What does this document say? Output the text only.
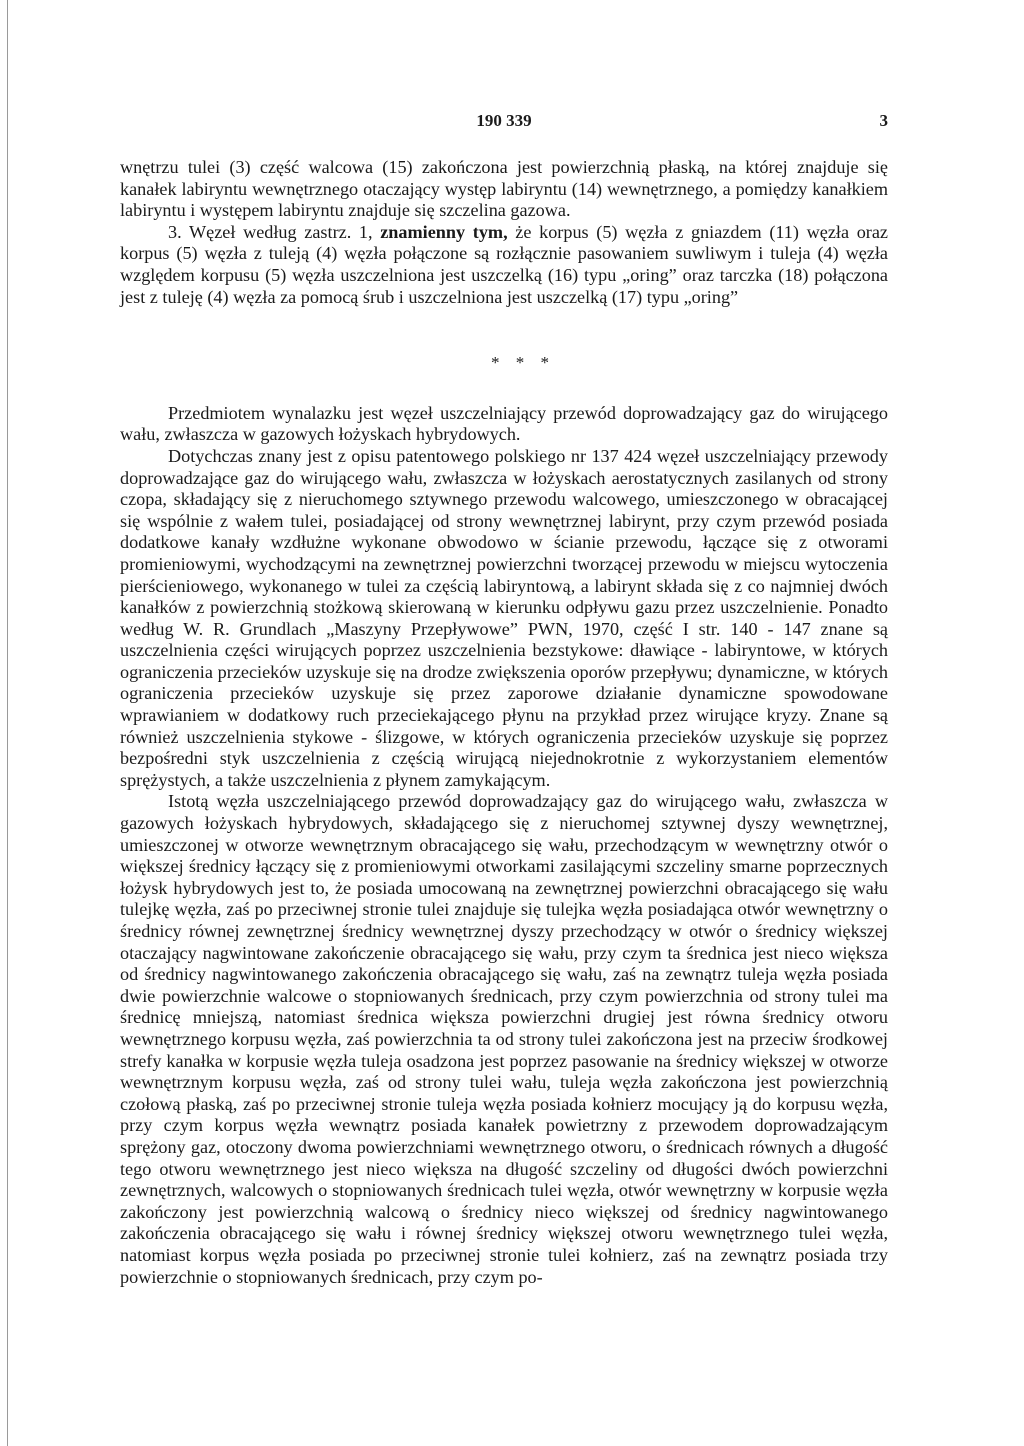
190 339	3

wnętrzu tulei (3) część walcowa (15) zakończona jest powierzchnią płaską, na której znajduje się kanałek labiryntu wewnętrznego otaczający występ labiryntu (14) wewnętrznego, a pomiędzy kanałkiem labiryntu i występem labiryntu znajduje się szczelina gazowa.

3. Węzeł według zastrz. 1, znamienny tym, że korpus (5) węzła z gniazdem (11) węzła oraz korpus (5) węzła z tuleją (4) węzła połączone są rozłącznie pasowaniem suwliwym i tuleja (4) węzła względem korpusu (5) węzła uszczelniona jest uszczelką (16) typu „oring” oraz tarczka (18) połączona jest z tuleję (4) węzła za pomocą śrub i uszczelniona jest uszczelką (17) typu „oring”

* * *

Przedmiotem wynalazku jest węzeł uszczelniający przewód doprowadzający gaz do wirującego wału, zwłaszcza w gazowych łożyskach hybrydowych.

Dotychczas znany jest z opisu patentowego polskiego nr 137 424 węzeł uszczelniający przewody doprowadzające gaz do wirującego wału, zwłaszcza w łożyskach aerostatycznych zasilanych od strony czopa, składający się z nieruchomego sztywnego przewodu walcowego, umieszczonego w obracającej się wspólnie z wałem tulei, posiadającej od strony wewnętrznej labirynt, przy czym przewód posiada dodatkowe kanały wzdłużne wykonane obwodowo w ścianie przewodu, łączące się z otworami promieniowymi, wychodzącymi na zewnętrznej powierzchni tworzącej przewodu w miejscu wytoczenia pierścieniowego, wykonanego w tulei za częścią labiryntową, a labirynt składa się z co najmniej dwóch kanałków z powierzchnią stożkową skierowaną w kierunku odpływu gazu przez uszczelnienie. Ponadto według W. R. Grundlach „Maszyny Przepływowe” PWN, 1970, część I str. 140 - 147 znane są uszczelnienia części wirujących poprzez uszczelnienia bezstykowe: dławiące - labiryntowe, w których ograniczenia przecieków uzyskuje się na drodze zwiększenia oporów przepływu; dynamiczne, w których ograniczenia przecieków uzyskuje się przez zaporowe działanie dynamiczne spowodowane wprawianiem w dodatkowy ruch przeciekającego płynu na przykład przez wirujące kryzy. Znane są również uszczelnienia stykowe - ślizgowe, w których ograniczenia przecieków uzyskuje się poprzez bezpośredni styk uszczelnienia z częścią wirującą niejednokrotnie z wykorzystaniem elementów sprężystych, a także uszczelnienia z płynem zamykającym.

Istotą węzła uszczelniającego przewód doprowadzający gaz do wirującego wału, zwłaszcza w gazowych łożyskach hybrydowych, składającego się z nieruchomej sztywnej dyszy wewnętrznej, umieszczonej w otworze wewnętrznym obracającego się wału, przechodzącym w wewnętrzny otwór o większej średnicy łączący się z promieniowymi otworkami zasilającymi szczeliny smarne poprzecznych łożysk hybrydowych jest to, że posiada umocowaną na zewnętrznej powierzchni obracającego się wału tulejkę węzła, zaś po przeciwnej stronie tulei znajduje się tulejka węzła posiadająca otwór wewnętrzny o średnicy równej zewnętrznej średnicy wewnętrznej dyszy przechodzący w otwór o średnicy większej otaczający nagwintowane zakończenie obracającego się wału, przy czym ta średnica jest nieco większa od średnicy nagwintowanego zakończenia obracającego się wału, zaś na zewnątrz tuleja węzła posiada dwie powierzchnie walcowe o stopniowanych średnicach, przy czym powierzchnia od strony tulei ma średnicę mniejszą, natomiast średnica większa powierzchni drugiej jest równa średnicy otworu wewnętrznego korpusu węzła, zaś powierzchnia ta od strony tulei zakończona jest na przeciw środkowej strefy kanałka w korpusie węzła tuleja osadzona jest poprzez pasowanie na średnicy większej w otworze wewnętrznym korpusu węzła, zaś od strony tulei wału, tuleja węzła zakończona jest powierzchnią czołową płaską, zaś po przeciwnej stronie tuleja węzła posiada kołnierz mocujący ją do korpusu węzła, przy czym korpus węzła wewnątrz posiada kanałek powietrzny z przewodem doprowadzającym sprężony gaz, otoczony dwoma powierzchniami wewnętrznego otworu, o średnicach równych a długość tego otworu wewnętrznego jest nieco większa na długość szczeliny od długości dwóch powierzchni zewnętrznych, walcowych o stopniowanych średnicach tulei węzła, otwór wewnętrzny w korpusie węzła zakończony jest powierzchnią walcową o średnicy nieco większej od średnicy nagwintowanego zakończenia obracającego się wału i równej średnicy większej otworu wewnętrznego tulei węzła, natomiast korpus węzła posiada po przeciwnej stronie tulei kołnierz, zaś na zewnątrz posiada trzy powierzchnie o stopniowanych średnicach, przy czym po-
